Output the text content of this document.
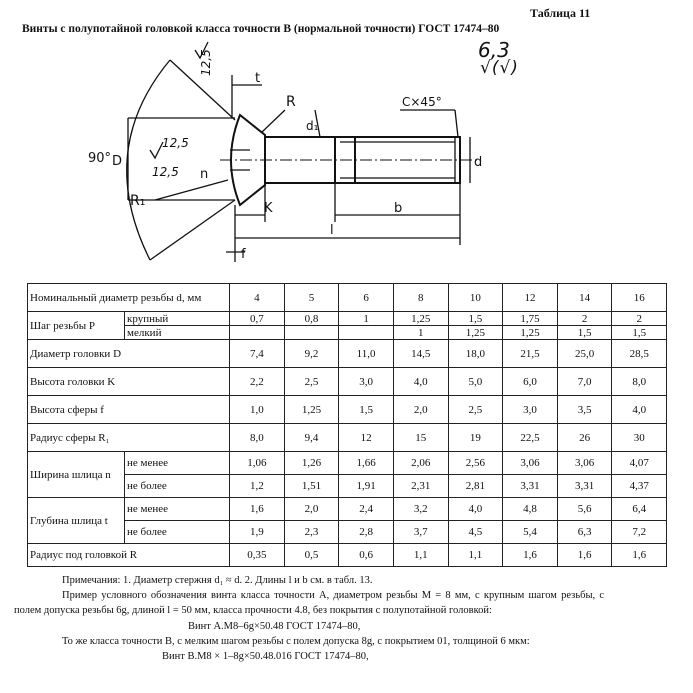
Таблица 11
Винты с полупотайной головкой класса точности B (нормальной точности) ГОСТ 17474–80
6,3
√(√)
90° D
t
R
R₁
n
K
f
l
b
d
d₁
C×45°
12,5
12,5
12,5
Номинальный диаметр резьбы d, мм		4	5	6	8	10	12	14	16
Шаг резьбы P	крупный	0,7	0,8	1	1,25	1,5	1,75	2	2
	мелкий				1	1,25	1,25	1,5	1,5
Диаметр головки D		7,4	9,2	11,0	14,5	18,0	21,5	25,0	28,5
Высота головки K		2,2	2,5	3,0	4,0	5,0	6,0	7,0	8,0
Высота сферы f		1,0	1,25	1,5	2,0	2,5	3,0	3,5	4,0
Радиус сферы R₁		8,0	9,4	12	15	19	22,5	26	30
Ширина шлица n	не менее	1,06	1,26	1,66	2,06	2,56	3,06	3,06	4,07
	не более	1,2	1,51	1,91	2,31	2,81	3,31	3,31	4,37
Глубина шлица t	не менее	1,6	2,0	2,4	3,2	4,0	4,8	5,6	6,4
	не более	1,9	2,3	2,8	3,7	4,5	5,4	6,3	7,2
Радиус под головкой R		0,35	0,5	0,6	1,1	1,1	1,6	1,6	1,6

Примечания: 1. Диаметр стержня d₁ ≈ d. 2. Длины l и b см. в табл. 13.

Пример условного обозначения винта класса точности A, диаметром резьбы M = 8 мм, с крупным шагом резьбы, с полем допуска резьбы 6g, длиной l = 50 мм, класса прочности 4.8, без покрытия с полупотайной головкой:

Винт А.М8–6g×50.48 ГОСТ 17474–80,

То же класса точности B, с мелким шагом резьбы с полем допуска 8g, с покрытием 01, толщиной 6 мкм:

Винт В.М8 × 1–8g×50.48.016 ГОСТ 17474–80,
